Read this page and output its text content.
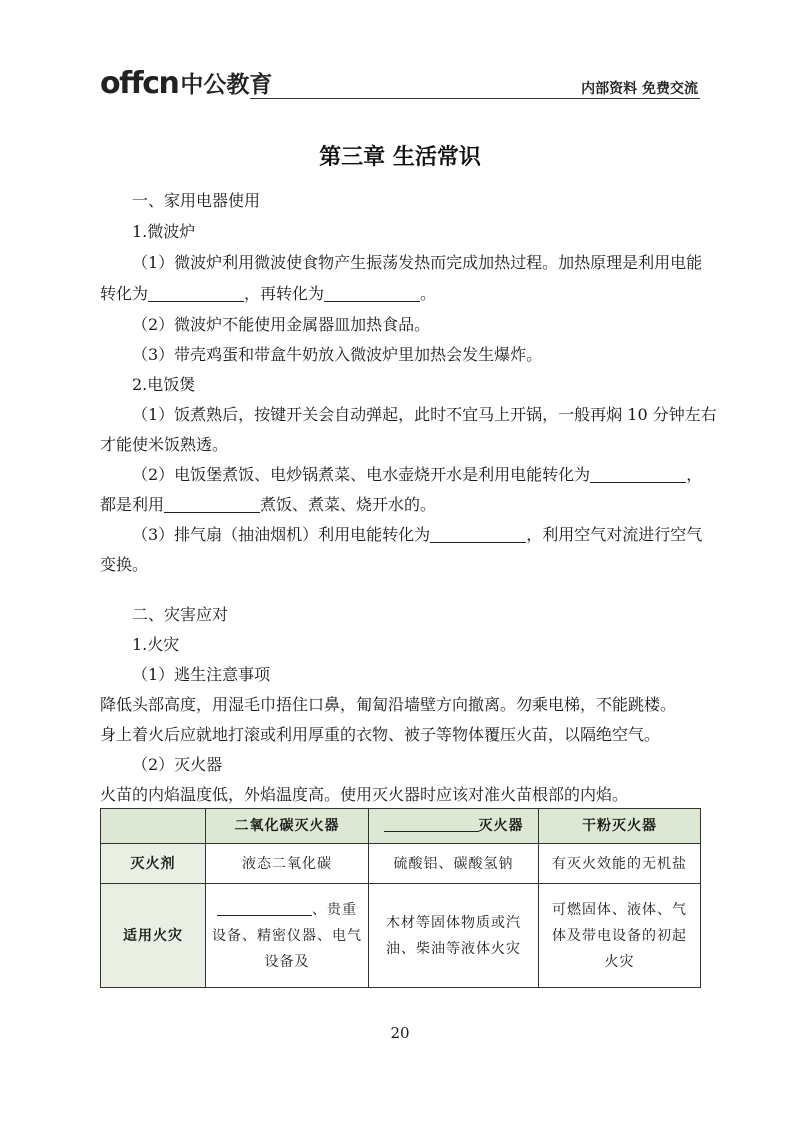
offcn中公教育	内部资料 免费交流
第三章 生活常识
一、家用电器使用
1.微波炉
（1）微波炉利用微波使食物产生振荡发热而完成加热过程。加热原理是利用电能
转化为	，再转化为	。
（2）微波炉不能使用金属器皿加热食品。
（3）带壳鸡蛋和带盒牛奶放入微波炉里加热会发生爆炸。
2.电饭煲
（1）饭煮熟后，按键开关会自动弹起，此时不宜马上开锅，一般再焖 10 分钟左右
才能使米饭熟透。
（2）电饭堡煮饭、电炒锅煮菜、电水壶烧开水是利用电能转化为	，
都是利用	煮饭、煮菜、烧开水的。
（3）排气扇（抽油烟机）利用电能转化为	，利用空气对流进行空气
变换。
二、灾害应对
1.火灾
（1）逃生注意事项
降低头部高度，用湿毛巾捂住口鼻，匍匐沿墙壁方向撤离。勿乘电梯，不能跳楼。
身上着火后应就地打滚或利用厚重的衣物、被子等物体覆压火苗，以隔绝空气。
（2）灭火器
火苗的内焰温度低，外焰温度高。使用灭火器时应该对准火苗根部的内焰。
	二氧化碳灭火器	灭火器	干粉灭火器
灭火剂	液态二氧化碳	硫酸铝、碳酸氢钠	有灭火效能的无机盐
适用火灾	、贵重设备、精密仪器、电气设备及	木材等固体物质或汽油、柴油等液体火灾	可燃固体、液体、气体及带电设备的初起火灾
20
